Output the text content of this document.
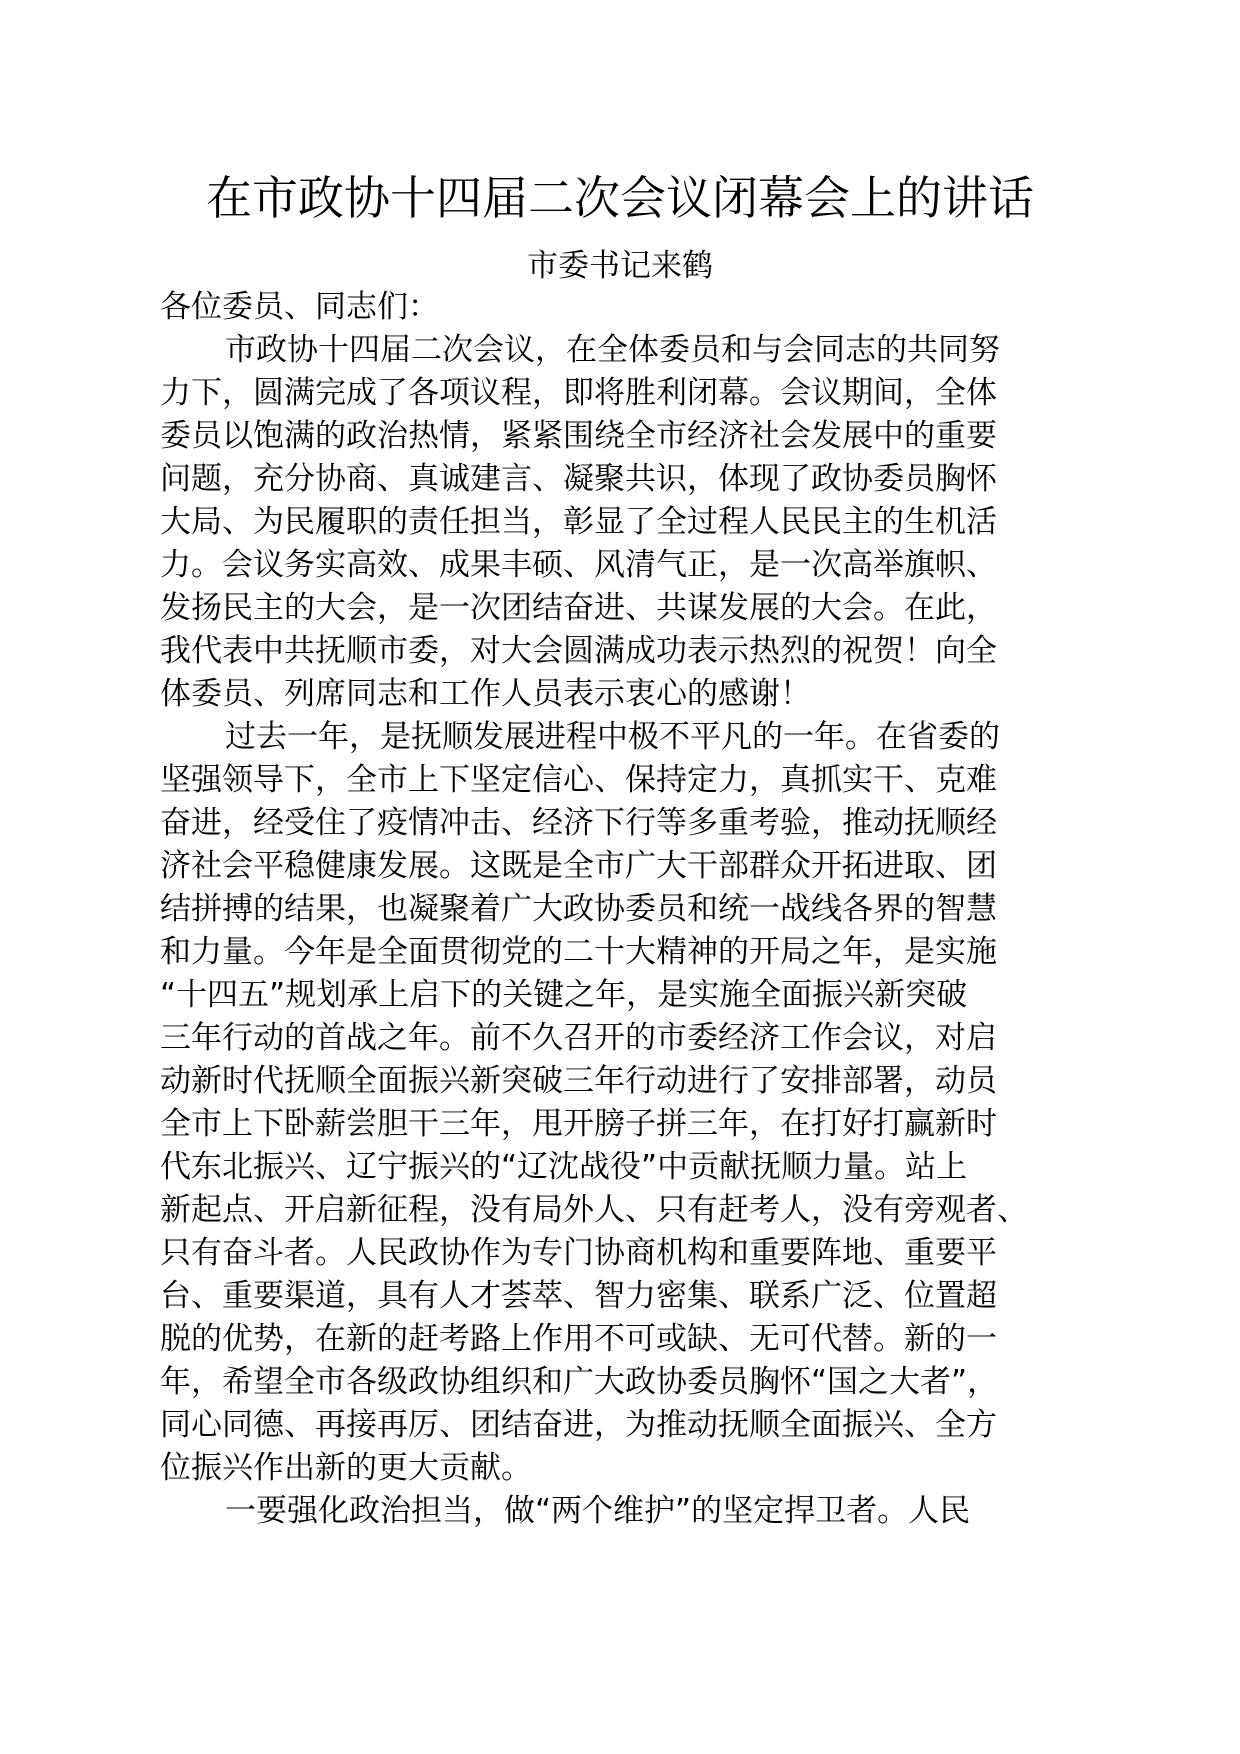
在市政协十四届二次会议闭幕会上的讲话
市委书记来鹤
各位委员、同志们：
市政协十四届二次会议，在全体委员和与会同志的共同努
力下，圆满完成了各项议程，即将胜利闭幕。会议期间，全体
委员以饱满的政治热情，紧紧围绕全市经济社会发展中的重要
问题，充分协商、真诚建言、凝聚共识，体现了政协委员胸怀
大局、为民履职的责任担当，彰显了全过程人民民主的生机活
力。会议务实高效、成果丰硕、风清气正，是一次高举旗帜、
发扬民主的大会，是一次团结奋进、共谋发展的大会。在此，
我代表中共抚顺市委，对大会圆满成功表示热烈的祝贺！向全
体委员、列席同志和工作人员表示衷心的感谢！
过去一年，是抚顺发展进程中极不平凡的一年。在省委的
坚强领导下，全市上下坚定信心、保持定力，真抓实干、克难
奋进，经受住了疫情冲击、经济下行等多重考验，推动抚顺经
济社会平稳健康发展。这既是全市广大干部群众开拓进取、团
结拼搏的结果，也凝聚着广大政协委员和统一战线各界的智慧
和力量。今年是全面贯彻党的二十大精神的开局之年，是实施
“十四五”规划承上启下的关键之年，是实施全面振兴新突破
三年行动的首战之年。前不久召开的市委经济工作会议，对启
动新时代抚顺全面振兴新突破三年行动进行了安排部署，动员
全市上下卧薪尝胆干三年，甩开膀子拼三年，在打好打赢新时
代东北振兴、辽宁振兴的“辽沈战役”中贡献抚顺力量。站上
新起点、开启新征程，没有局外人、只有赶考人，没有旁观者、
只有奋斗者。人民政协作为专门协商机构和重要阵地、重要平
台、重要渠道，具有人才荟萃、智力密集、联系广泛、位置超
脱的优势，在新的赶考路上作用不可或缺、无可代替。新的一
年，希望全市各级政协组织和广大政协委员胸怀“国之大者”，
同心同德、再接再厉、团结奋进，为推动抚顺全面振兴、全方
位振兴作出新的更大贡献。
一要强化政治担当，做“两个维护”的坚定捍卫者。人民
